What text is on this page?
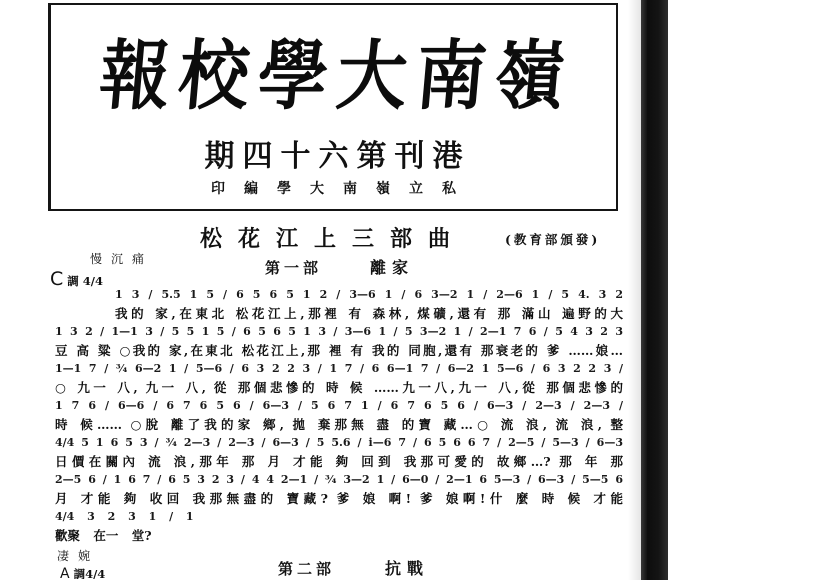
報校學大南嶺
期四十六第刊港
印編學大南嶺立私
松花江上三部曲	(教育部頒發)
慢沉痛
C調 4/4
第一部	離家
1 3 / 5.5 1 5 / 6 5 6 5 1 2 / 3—6 1 / 6 3—2 1 / 2—6 1 / 5 4. 3 2
我的 家,在東北 松花江上,那裡 有 森林, 煤礦,還有 那 滿山 遍野的大
1 3 2 / 1—1 3 / 5 5 1 5 / 6 5 6 5 1 3 / 3—6 1 / 5 3—2 1 / 2—1 7 6 / 5 4 3 2 3
豆 高 粱 ○我的 家,在東北 松花江上,那 裡 有 我的 同胞,還有 那衰老的 爹 ……娘…
1—1 7 / ¾ 6—2 1 / 5—6 / 6 3 2 2 3 / 1 7 / 6 6—1 7 / 6—2 1 5—6 / 6 3 2 2 3 /
○ 九一 八, 九一 八, 從 那個悲慘的 時 候 ……九一八,九一 八,從 那個悲慘的
1 7 6 / 6—6 / 6 7 6 5 6 / 6—3 / 5 6 7 1 / 6 7 6 5 6 / 6—3 / 2—3 / 2—3 /
時 候…… ○脫 離了我的家 鄉, 拋 棄那無 盡 的寶 藏…○ 流 浪, 流 浪, 整
4/4 5 1 6 5 3 / ¾ 2—3 / 2—3 / 6—3 / 5 5.6 / i—6 7 / 6 5 6 6 7 / 2—5 / 5—3 / 6—3
日價在關內 流 浪,那年 那 月 才能 夠 回到 我那可愛的 故鄉…? 那 年 那
2—5 6 / 1 6 7 / 6 5 3 2 3 / 4 4 2—1 / ¾ 3—2 1 / 6—0 / 2—1 6 5—3 / 6—3 / 5—5 6
月 才能 夠 收回 我那無盡的 寶藏? 爹 娘 啊! 爹 娘啊!什 麼 時 候 才能
4/4 3 2 3 1 / 1
歡聚 在一 堂?
凄婉
第二部	抗戰
A 調4/4
